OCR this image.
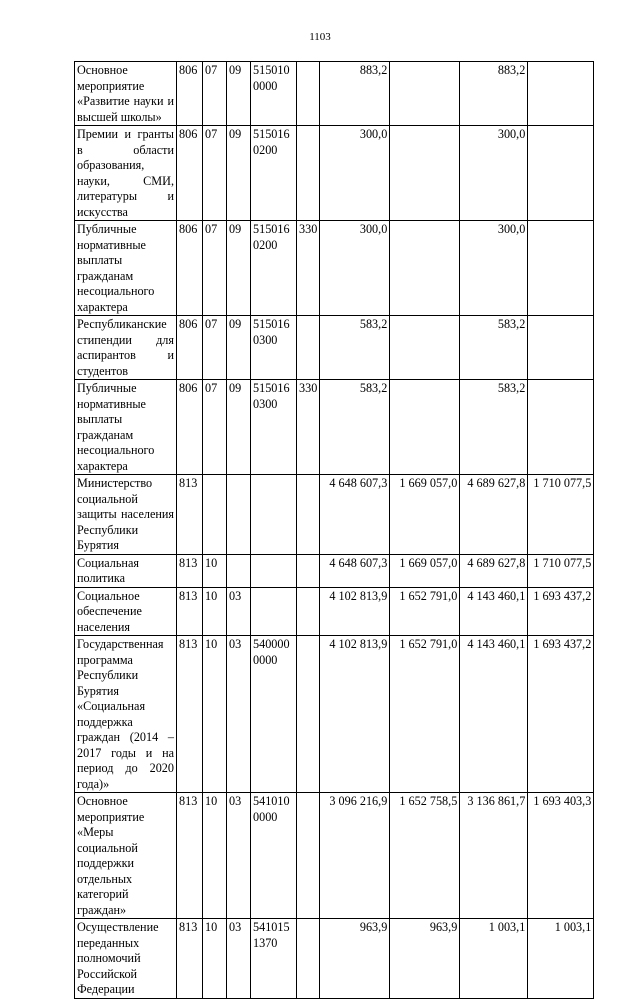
1103
Основное мероприятие «Развитие науки и высшей школы»	806	07	09	5150100000		883,2		883,2	
Премии и гранты в области образования, науки, СМИ, литературы и искусства	806	07	09	5150160200		300,0		300,0	
Публичные нормативные выплаты гражданам несоциального характера	806	07	09	5150160200	330	300,0		300,0	
Республиканские стипендии для аспирантов и студентов	806	07	09	5150160300		583,2		583,2	
Публичные нормативные выплаты гражданам несоциального характера	806	07	09	5150160300	330	583,2		583,2	
Министерство социальной защиты населения Республики Бурятия	813					4 648 607,3	1 669 057,0	4 689 627,8	1 710 077,5
Социальная политика	813	10				4 648 607,3	1 669 057,0	4 689 627,8	1 710 077,5
Социальное обеспечение населения	813	10	03			4 102 813,9	1 652 791,0	4 143 460,1	1 693 437,2
Государственная программа Республики Бурятия «Социальная поддержка граждан (2014 – 2017 годы и на период до 2020 года)»	813	10	03	5400000000		4 102 813,9	1 652 791,0	4 143 460,1	1 693 437,2
Основное мероприятие «Меры социальной поддержки отдельных категорий граждан»	813	10	03	5410100000		3 096 216,9	1 652 758,5	3 136 861,7	1 693 403,3
Осуществление переданных полномочий Российской Федерации	813	10	03	5410151370		963,9	963,9	1 003,1	1 003,1
